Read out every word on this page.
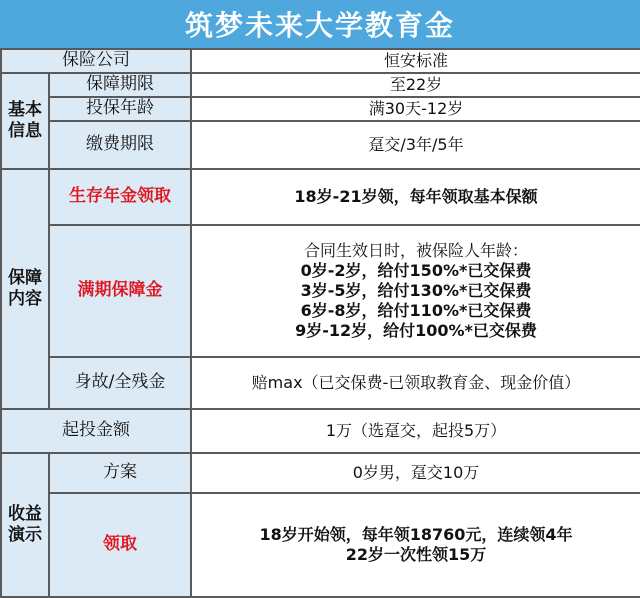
筑梦未来大学教育金
保险公司		恒安标准
基本信息	保障期限	至22岁
	投保年龄	满30天-12岁
	缴费期限	趸交/3年/5年
保障内容	生存年金领取	18岁-21岁领，每年领取基本保额
	满期保障金	合同生效日时，被保险人年龄：
0岁-2岁，给付150%*已交保费
3岁-5岁，给付130%*已交保费
6岁-8岁，给付110%*已交保费
9岁-12岁，给付100%*已交保费

	身故/全残金	赔max（已交保费-已领取教育金、现金价值）
起投金额		1万（选趸交，起投5万）
收益演示	方案	0岁男，趸交10万
	领取	18岁开始领，每年领18760元，连续领4年
22岁一次性领15万
